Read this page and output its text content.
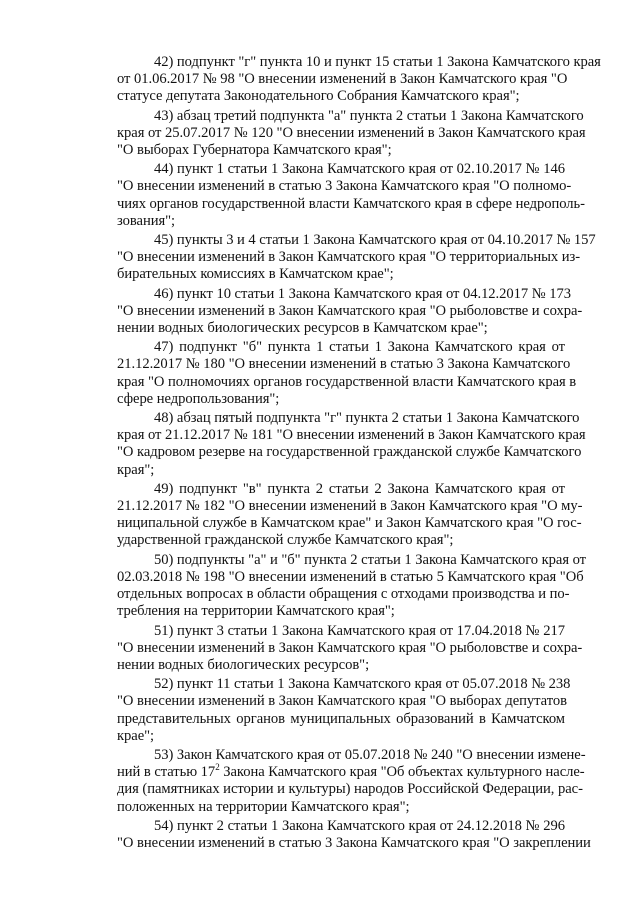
42) подпункт "г" пункта 10 и пункт 15 статьи 1 Закона Камчатского края
от 01.06.2017 № 98 "О внесении изменений в Закон Камчатского края "О
статусе депутата Законодательного Собрания Камчатского края";
43) абзац третий подпункта "а" пункта 2 статьи 1 Закона Камчатского
края от 25.07.2017 № 120 "О внесении изменений в Закон Камчатского края
"О выборах Губернатора Камчатского края";
44) пункт 1 статьи 1 Закона Камчатского края от 02.10.2017 № 146
"О внесении изменений в статью 3 Закона Камчатского края "О полномо-
чиях органов государственной власти Камчатского края в сфере недрополь-
зования";
45) пункты 3 и 4 статьи 1 Закона Камчатского края от 04.10.2017 № 157
"О внесении изменений в Закон Камчатского края "О территориальных из-
бирательных комиссиях в Камчатском крае";
46) пункт 10 статьи 1 Закона Камчатского края от 04.12.2017 № 173
"О внесении изменений в Закон Камчатского края "О рыболовстве и сохра-
нении водных биологических ресурсов в Камчатском крае";
47) подпункт "б" пункта 1 статьи 1 Закона Камчатского края от
21.12.2017 № 180 "О внесении изменений в статью 3 Закона Камчатского
края "О полномочиях органов государственной власти Камчатского края в
сфере недропользования";
48) абзац пятый подпункта "г" пункта 2 статьи 1 Закона Камчатского
края от 21.12.2017 № 181 "О внесении изменений в Закон Камчатского края
"О кадровом резерве на государственной гражданской службе Камчатского
края";
49) подпункт "в" пункта 2 статьи 2 Закона Камчатского края от
21.12.2017 № 182 "О внесении изменений в Закон Камчатского края "О му-
ниципальной службе в Камчатском крае" и Закон Камчатского края "О гос-
ударственной гражданской службе Камчатского края";
50) подпункты "а" и "б" пункта 2 статьи 1 Закона Камчатского края от
02.03.2018 № 198 "О внесении изменений в статью 5 Камчатского края "Об
отдельных вопросах в области обращения с отходами производства и по-
требления на территории Камчатского края";
51) пункт 3 статьи 1 Закона Камчатского края от 17.04.2018 № 217
"О внесении изменений в Закон Камчатского края "О рыболовстве и сохра-
нении водных биологических ресурсов";
52) пункт 11 статьи 1 Закона Камчатского края от 05.07.2018 № 238
"О внесении изменений в Закон Камчатского края "О выборах депутатов
представительных органов муниципальных образований в Камчатском
крае";
53) Закон Камчатского края от 05.07.2018 № 240 "О внесении измене-
ний в статью $17^2$ Закона Камчатского края "Об объектах культурного насле-
дия (памятниках истории и культуры) народов Российской Федерации, рас-
положенных на территории Камчатского края";
54) пункт 2 статьи 1 Закона Камчатского края от 24.12.2018 № 296
"О внесении изменений в статью 3 Закона Камчатского края "О закреплении
